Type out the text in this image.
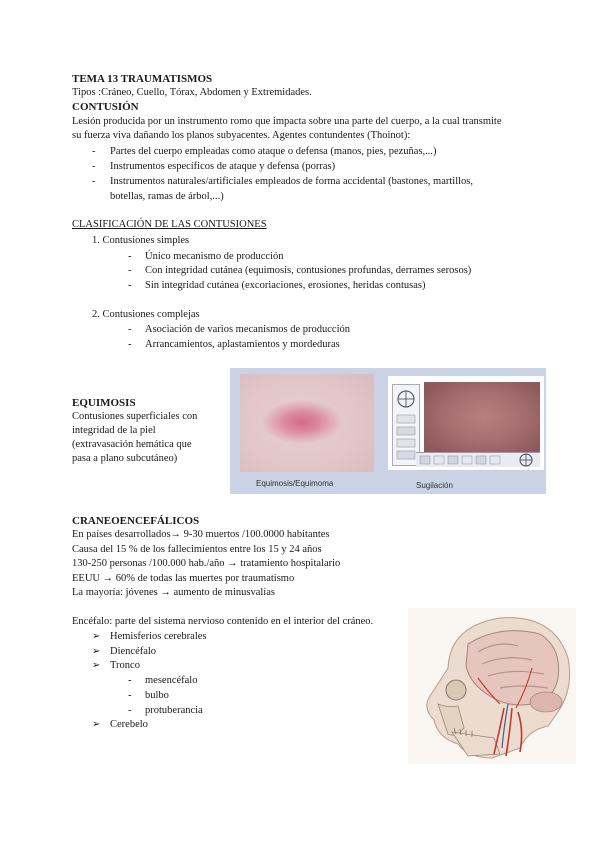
TEMA 13 TRAUMATISMOS
Tipos :Cráneo, Cuello, Tórax, Abdomen y Extremidades.
CONTUSIÓN
Lesión producida por un instrumento romo que impacta sobre una parte del cuerpo, a la cual transmite
su fuerza viva dañando los planos subyacentes. Agentes contundentes (Thoinot):
- Partes del cuerpo empleadas como ataque o defensa (manos, pies, pezuñas,...)
- Instrumentos específicos de ataque y defensa (porras)
- Instrumentos naturales/artificiales empleados de forma accidental (bastones, martillos,
botellas, ramas de árbol,...)
CLASIFICACIÓN DE LAS CONTUSIONES
1. Contusiones simples
- Único mecanismo de producción
- Con integridad cutánea (equimosis, contusiones profundas, derrames serosos)
- Sin integridad cutánea (excoriaciones, erosiones, heridas contusas)
2. Contusiones complejas
- Asociación de varios mecanismos de producción
- Arrancamientos, aplastamientos y mordeduras
EQUIMOSIS
Contusiones superficiales con
integridad de la piel
(extravasación hemática que
pasa a plano subcutáneo)
Equimosis/Equimoma	Sugilación
CRANEOENCEFÁLICOS
En países desarrollados→ 9-30 muertos /100.0000 habitantes
Causa del 15 % de los fallecimientos entre los 15 y 24 años
130-250 personas /100.000 hab./año → tratamiento hospitalario
EEUU → 60% de todas las muertes por traumatismo
La mayoría: jóvenes → aumento de minusvalías
Encéfalo: parte del sistema nervioso contenido en el interior del cráneo.
➢ Hemisferios cerebrales
➢ Diencéfalo
➢ Tronco
- mesencéfalo
- bulbo
- protuberancia
➢ Cerebelo
